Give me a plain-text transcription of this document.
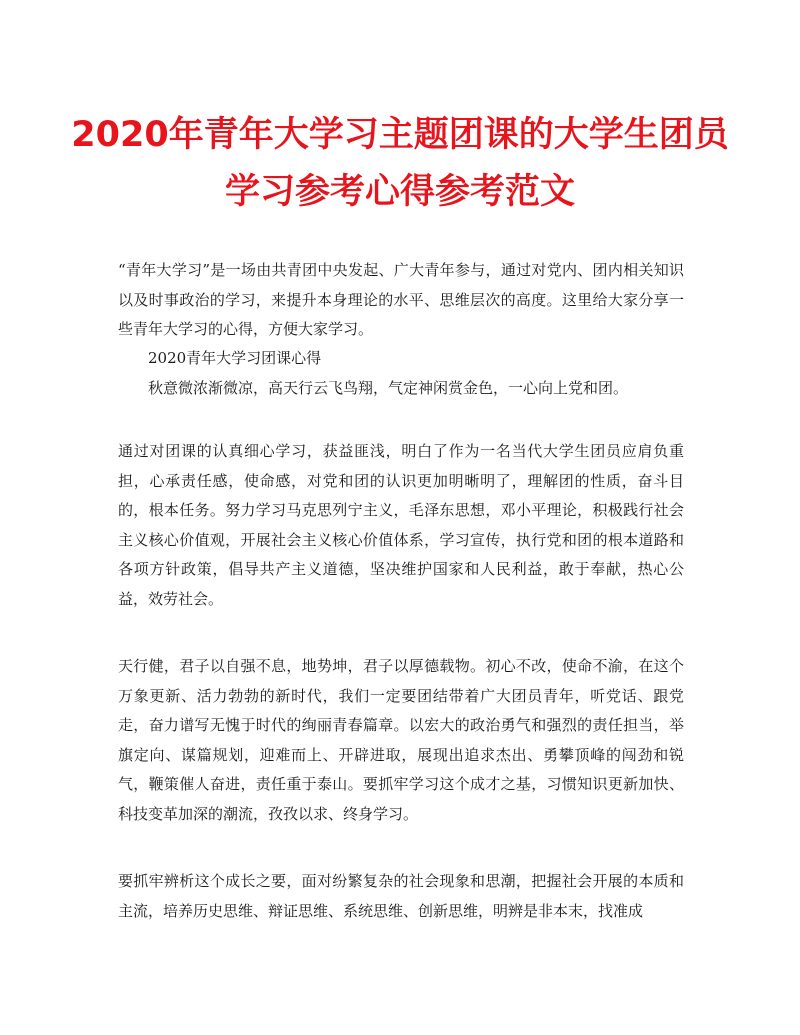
2020年青年大学习主题团课的大学生团员
学习参考心得参考范文

“青年大学习”是一场由共青团中央发起、广大青年参与，通过对党内、团内相关知识以及时事政治的学习，来提升本身理论的水平、思维层次的高度。这里给大家分享一些青年大学习的心得，方便大家学习。

2020青年大学习团课心得

秋意微浓渐微凉，高天行云飞鸟翔，气定神闲赏金色，一心向上党和团。

通过对团课的认真细心学习，获益匪浅，明白了作为一名当代大学生团员应肩负重担，心承责任感，使命感，对党和团的认识更加明晰明了，理解团的性质，奋斗目的，根本任务。努力学习马克思列宁主义，毛泽东思想，邓小平理论，积极践行社会主义核心价值观，开展社会主义核心价值体系，学习宣传，执行党和团的根本道路和各项方针政策，倡导共产主义道德，坚决维护国家和人民利益，敢于奉献，热心公益，效劳社会。

天行健，君子以自强不息，地势坤，君子以厚德载物。初心不改，使命不渝，在这个万象更新、活力勃勃的新时代，我们一定要团结带着广大团员青年，听党话、跟党走，奋力谱写无愧于时代的绚丽青春篇章。以宏大的政治勇气和强烈的责任担当，举旗定向、谋篇规划，迎难而上、开辟进取，展现出追求杰出、勇攀顶峰的闯劲和锐气，鞭策催人奋进，责任重于泰山。要抓牢学习这个成才之基，习惯知识更新加快、科技变革加深的潮流，孜孜以求、终身学习。

要抓牢辨析这个成长之要，面对纷繁复杂的社会现象和思潮，把握社会开展的本质和主流，培养历史思维、辩证思维、系统思维、创新思维，明辨是非本末，找准成
